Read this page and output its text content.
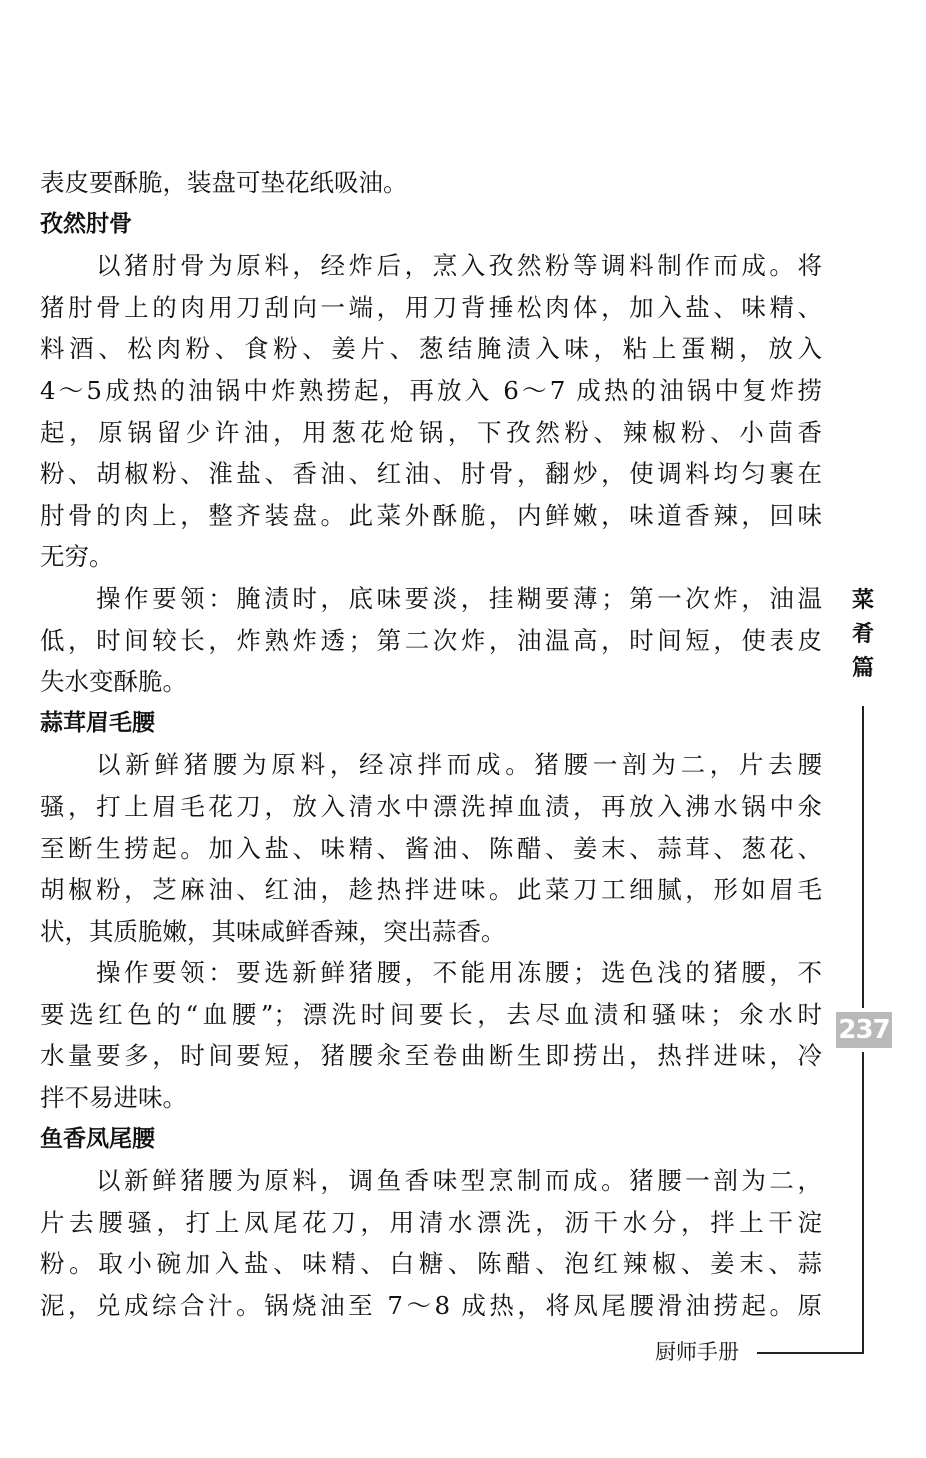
表皮要酥脆，装盘可垫花纸吸油。
孜然肘骨
以猪肘骨为原料，经炸后，烹入孜然粉等调料制作而成。将
猪肘骨上的肉用刀刮向一端，用刀背捶松肉体，加入盐、味精、
料酒、松肉粉、食粉、姜片、葱结腌渍入味，粘上蛋糊，放入
4～5成热的油锅中炸熟捞起，再放入 6～7 成热的油锅中复炸捞
起，原锅留少许油，用葱花炝锅，下孜然粉、辣椒粉、小茴香
粉、胡椒粉、淮盐、香油、红油、肘骨，翻炒，使调料均匀裹在
肘骨的肉上，整齐装盘。此菜外酥脆，内鲜嫩，味道香辣，回味
无穷。
操作要领：腌渍时，底味要淡，挂糊要薄；第一次炸，油温
低，时间较长，炸熟炸透；第二次炸，油温高，时间短，使表皮
失水变酥脆。
蒜茸眉毛腰
以新鲜猪腰为原料，经凉拌而成。猪腰一剖为二，片去腰
骚，打上眉毛花刀，放入清水中漂洗掉血渍，再放入沸水锅中氽
至断生捞起。加入盐、味精、酱油、陈醋、姜末、蒜茸、葱花、
胡椒粉，芝麻油、红油，趁热拌进味。此菜刀工细腻，形如眉毛
状，其质脆嫩，其味咸鲜香辣，突出蒜香。
操作要领：要选新鲜猪腰，不能用冻腰；选色浅的猪腰，不
要选红色的“血腰”；漂洗时间要长，去尽血渍和骚味；氽水时
水量要多，时间要短，猪腰汆至卷曲断生即捞出，热拌进味，冷
拌不易进味。
鱼香凤尾腰
以新鲜猪腰为原料，调鱼香味型烹制而成。猪腰一剖为二，
片去腰骚，打上凤尾花刀，用清水漂洗，沥干水分，拌上干淀
粉。取小碗加入盐、味精、白糖、陈醋、泡红辣椒、姜末、蒜
泥，兑成综合汁。锅烧油至 7～8 成热，将凤尾腰滑油捞起。原
菜
肴
篇
237
厨师手册
